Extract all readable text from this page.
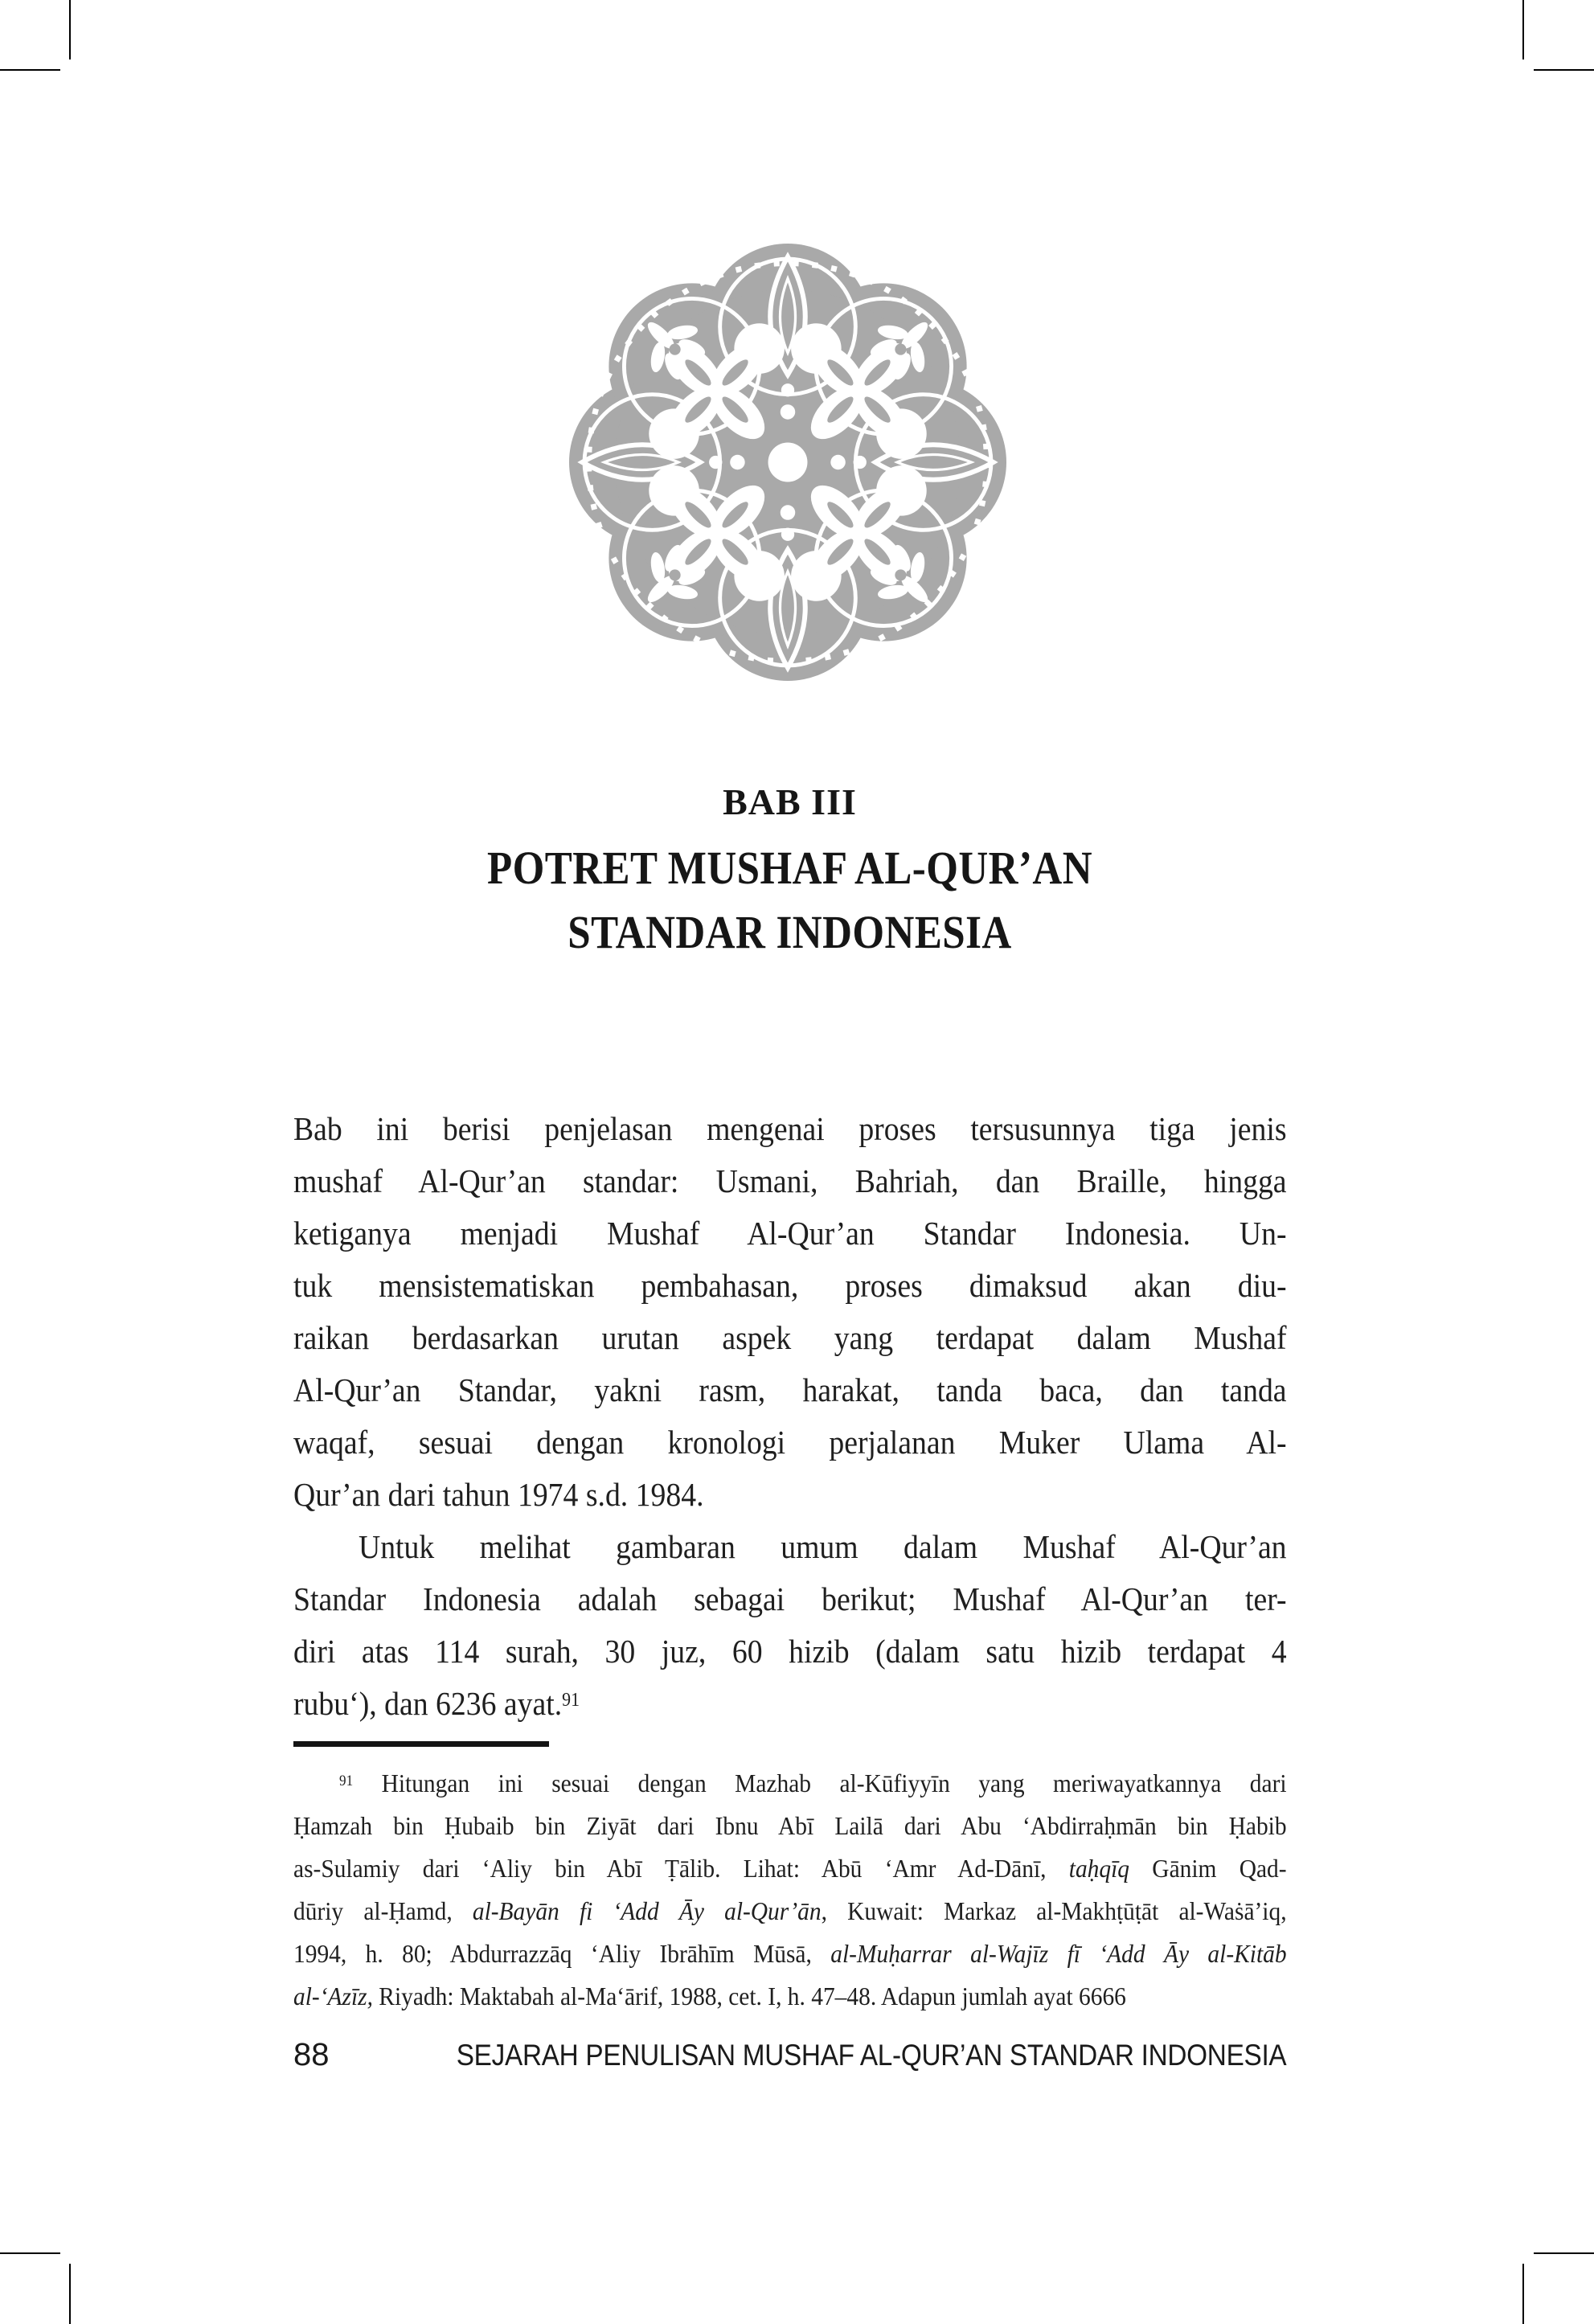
BAB III
POTRET MUSHAF AL-QUR’AN
STANDAR INDONESIA
Bab ini berisi penjelasan mengenai proses tersusunnya tiga jenis
mushaf Al-Qur’an standar: Usmani, Bahriah, dan Braille, hingga
ketiganya menjadi Mushaf Al-Qur’an Standar Indonesia. Un-
tuk mensistematiskan pembahasan, proses dimaksud akan diu-
raikan berdasarkan urutan aspek yang terdapat dalam Mushaf
Al-Qur’an Standar, yakni rasm, harakat, tanda baca, dan tanda
waqaf, sesuai dengan kronologi perjalanan Muker Ulama Al-
Qur’an dari tahun 1974 s.d. 1984.
Untuk melihat gambaran umum dalam Mushaf Al-Qur’an
Standar Indonesia adalah sebagai berikut; Mushaf Al-Qur’an ter-
diri atas 114 surah, 30 juz, 60 hizib (dalam satu hizib terdapat 4
rubu‘), dan 6236 ayat.$^{91}$
$^{91}$ Hitungan ini sesuai dengan Mazhab al-Kūfiyyīn yang meriwayatkannya dari
Ḥamzah bin Ḥubaib bin Ziyāt dari Ibnu Abī Lailā dari Abu ‘Abdirraḥmān bin Ḥabib
as-Sulamiy dari ‘Aliy bin Abī Ṭālib. Lihat: Abū ‘Amr Ad-Dānī, taḥqīq Gānim Qad-
dūriy al-Ḥamd, al-Bayān fi ‘Add Āy al-Qur’ān, Kuwait: Markaz al-Makhṭūṭāt al-Waṡā’iq,
1994, h. 80; Abdurrazzāq ‘Aliy Ibrāhīm Mūsā, al-Muḥarrar al-Wajīz fī ‘Add Āy al-Kitāb
al-‘Azīz, Riyadh: Maktabah al-Ma‘ārif, 1988, cet. I, h. 47–48. Adapun jumlah ayat 6666
88	SEJARAH PENULISAN MUSHAF AL-QUR’AN STANDAR INDONESIA
